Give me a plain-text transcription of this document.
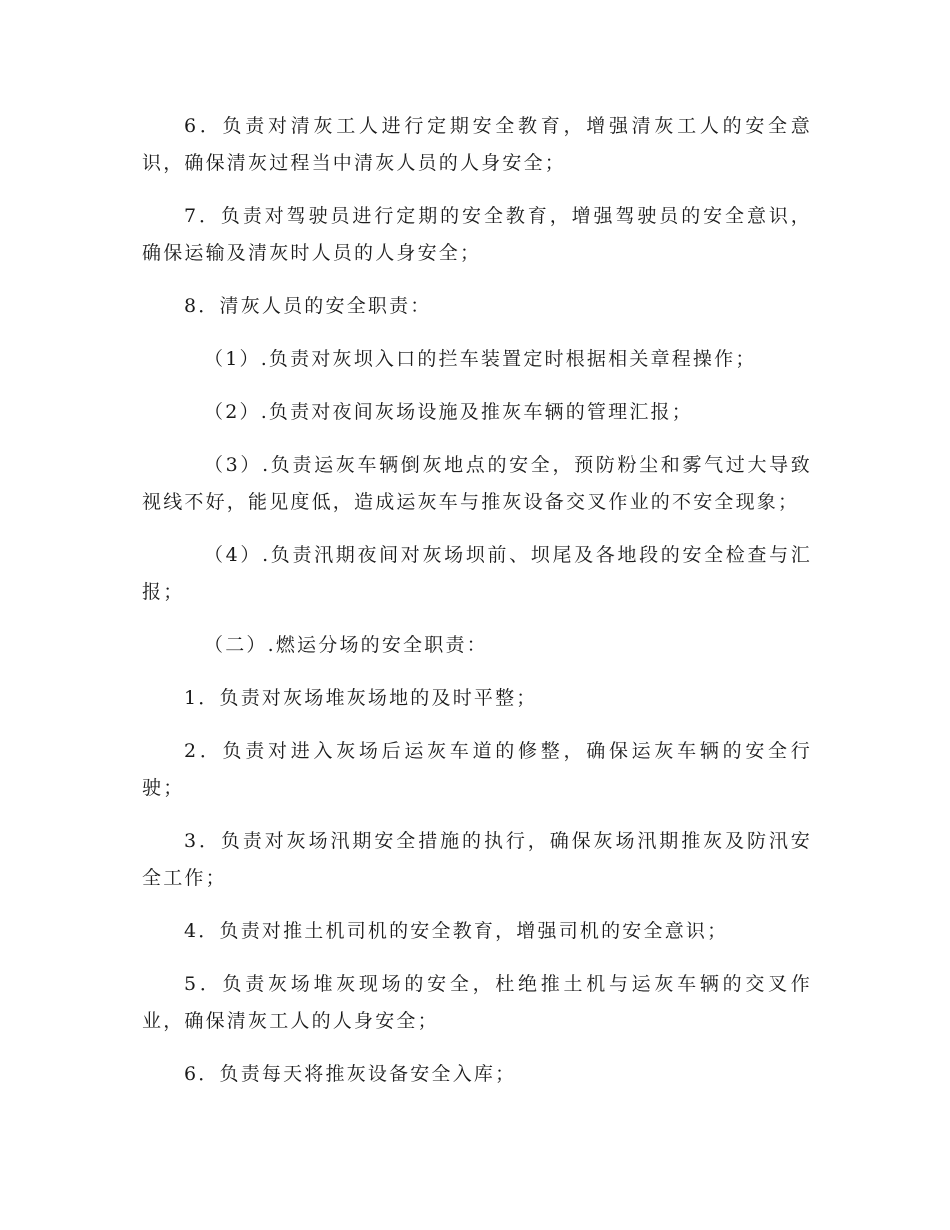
6．负责对清灰工人进行定期安全教育，增强清灰工人的安全意识，确保清灰过程当中清灰人员的人身安全；

7．负责对驾驶员进行定期的安全教育，增强驾驶员的安全意识，确保运输及清灰时人员的人身安全；

8．清灰人员的安全职责：

（1）.负责对灰坝入口的拦车装置定时根据相关章程操作；

（2）.负责对夜间灰场设施及推灰车辆的管理汇报；

（3）.负责运灰车辆倒灰地点的安全，预防粉尘和雾气过大导致视线不好，能见度低，造成运灰车与推灰设备交叉作业的不安全现象；

（4）.负责汛期夜间对灰场坝前、坝尾及各地段的安全检查与汇报；

（二）.燃运分场的安全职责：

1．负责对灰场堆灰场地的及时平整；

2．负责对进入灰场后运灰车道的修整，确保运灰车辆的安全行驶；

3．负责对灰场汛期安全措施的执行，确保灰场汛期推灰及防汛安全工作；

4．负责对推土机司机的安全教育，增强司机的安全意识；

5．负责灰场堆灰现场的安全，杜绝推土机与运灰车辆的交叉作业，确保清灰工人的人身安全；

6．负责每天将推灰设备安全入库；
